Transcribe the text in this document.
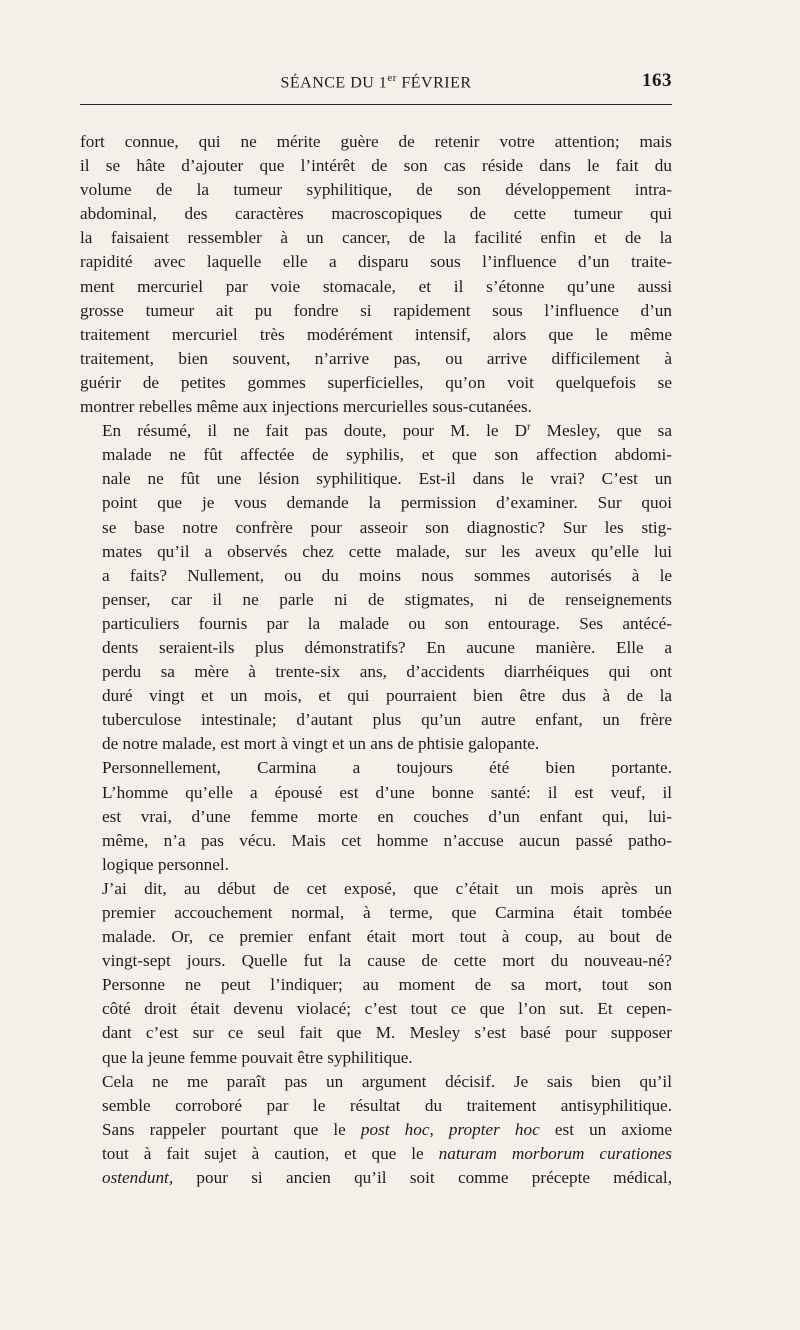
SÉANCE DU 1er FÉVRIER	163

fort connue, qui ne mérite guère de retenir votre attention; mais
il se hâte d’ajouter que l’intérêt de son cas réside dans le fait du
volume de la tumeur syphilitique, de son développement intra-
abdominal, des caractères macroscopiques de cette tumeur qui
la faisaient ressembler à un cancer, de la facilité enfin et de la
rapidité avec laquelle elle a disparu sous l’influence d’un traite-
ment mercuriel par voie stomacale, et il s’étonne qu’une aussi
grosse tumeur ait pu fondre si rapidement sous l’influence d’un
traitement mercuriel très modérément intensif, alors que le même
traitement, bien souvent, n’arrive pas, ou arrive difficilement à
guérir de petites gommes superficielles, qu’on voit quelquefois se
montrer rebelles même aux injections mercurielles sous-cutanées.

En résumé, il ne fait pas doute, pour M. le $D^r$ Mesley, que sa
malade ne fût affectée de syphilis, et que son affection abdomi-
nale ne fût une lésion syphilitique. Est-il dans le vrai? C’est un
point que je vous demande la permission d’examiner. Sur quoi
se base notre confrère pour asseoir son diagnostic? Sur les stig-
mates qu’il a observés chez cette malade, sur les aveux qu’elle lui
a faits? Nullement, ou du moins nous sommes autorisés à le
penser, car il ne parle ni de stigmates, ni de renseignements
particuliers fournis par la malade ou son entourage. Ses antécé-
dents seraient-ils plus démonstratifs? En aucune manière. Elle a
perdu sa mère à trente-six ans, d’accidents diarrhéiques qui ont
duré vingt et un mois, et qui pourraient bien être dus à de la
tuberculose intestinale; d’autant plus qu’un autre enfant, un frère
de notre malade, est mort à vingt et un ans de phtisie galopante.

Personnellement, Carmina a toujours été bien portante.
L’homme qu’elle a épousé est d’une bonne santé: il est veuf, il
est vrai, d’une femme morte en couches d’un enfant qui, lui-
même, n’a pas vécu. Mais cet homme n’accuse aucun passé patho-
logique personnel.

J’ai dit, au début de cet exposé, que c’était un mois après un
premier accouchement normal, à terme, que Carmina était tombée
malade. Or, ce premier enfant était mort tout à coup, au bout de
vingt-sept jours. Quelle fut la cause de cette mort du nouveau-né?
Personne ne peut l’indiquer; au moment de sa mort, tout son
côté droit était devenu violacé; c’est tout ce que l’on sut. Et cepen-
dant c’est sur ce seul fait que M. Mesley s’est basé pour supposer
que la jeune femme pouvait être syphilitique.

Cela ne me paraît pas un argument décisif. Je sais bien qu’il
semble corroboré par le résultat du traitement antisyphilitique.
Sans rappeler pourtant que le post hoc, propter hoc est un axiome
tout à fait sujet à caution, et que le naturam morborum curationes
ostendunt, pour si ancien qu’il soit comme précepte médical,
